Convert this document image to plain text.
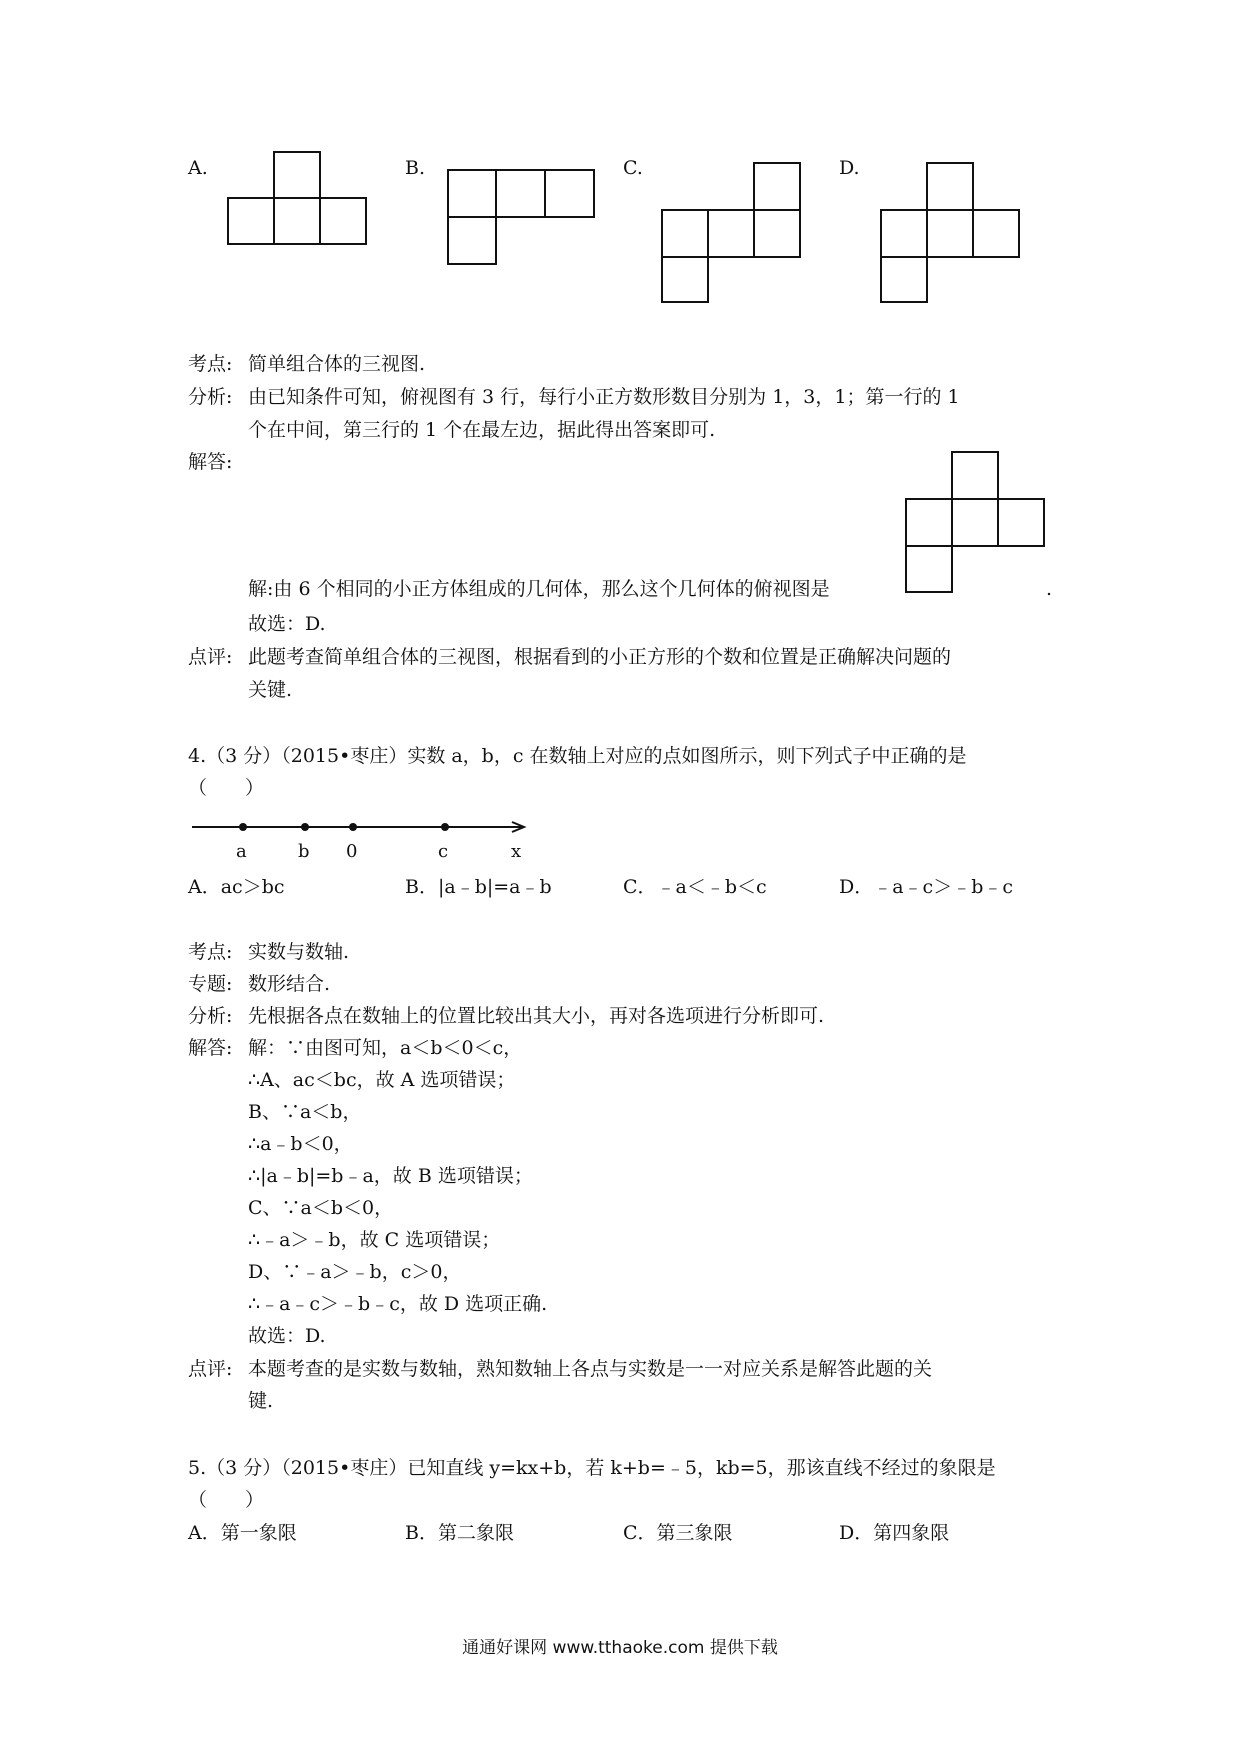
A.	B.	C.	D.
考点: 简单组合体的三视图.
分析: 由已知条件可知，俯视图有 3 行，每行小正方数形数目分别为 1，3，1；第一行的 1
个在中间，第三行的 1 个在最左边，据此得出答案即可.
解答:
解:由 6 个相同的小正方体组成的几何体，那么这个几何体的俯视图是	.
故选：D.
点评: 此题考查简单组合体的三视图，根据看到的小正方形的个数和位置是正确解决问题的
关键.
4.（3 分）（2015•枣庄）实数 a，b，c 在数轴上对应的点如图所示，则下列式子中正确的是
（　　）
a	b 0	c	x
A．ac＞bc	B．|a﹣b|=a﹣b	C．﹣a＜﹣b＜c	D．﹣a﹣c＞﹣b﹣c
考点: 实数与数轴.
专题: 数形结合.
分析: 先根据各点在数轴上的位置比较出其大小，再对各选项进行分析即可.
解答: 解：∵由图可知，a＜b＜0＜c，
∴A、ac＜bc，故 A 选项错误；
B、∵a＜b，
∴a﹣b＜0，
∴|a﹣b|=b﹣a，故 B 选项错误；
C、∵a＜b＜0，
∴﹣a＞﹣b，故 C 选项错误；
D、∵﹣a＞﹣b，c＞0，
∴﹣a﹣c＞﹣b﹣c，故 D 选项正确.
故选：D.
点评: 本题考查的是实数与数轴，熟知数轴上各点与实数是一一对应关系是解答此题的关
键.
5.（3 分）（2015•枣庄）已知直线 y=kx+b，若 k+b=﹣5，kb=5，那该直线不经过的象限是
（　　）
A．第一象限	B．第二象限	C．第三象限	D．第四象限
通通好课网 www.tthaoke.com 提供下载
